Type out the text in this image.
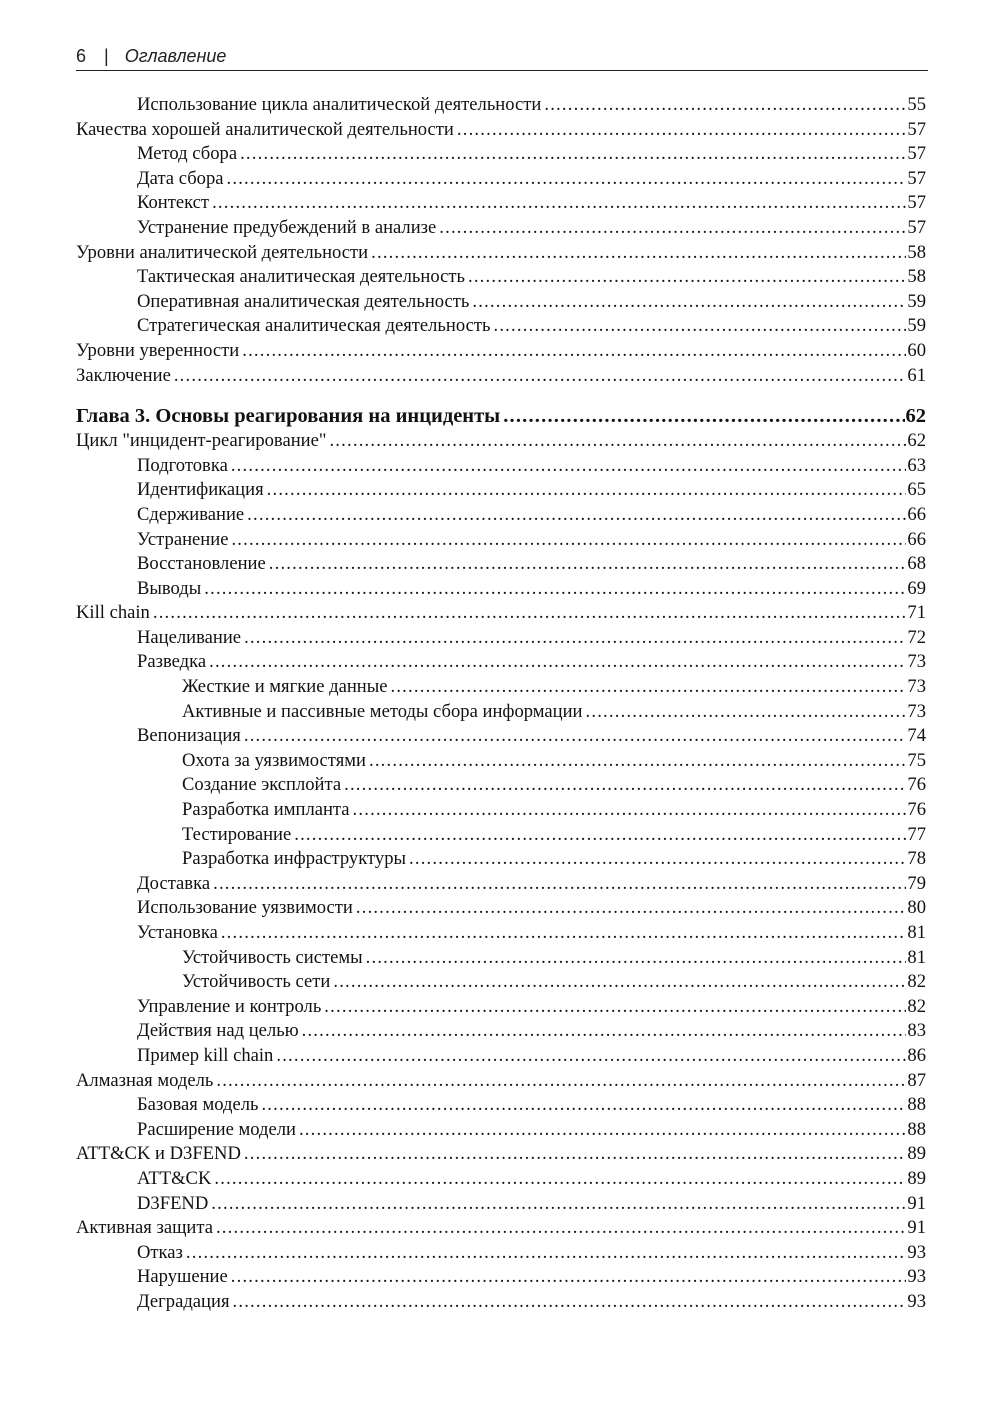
6 | Оглавление
Использование цикла аналитической деятельности .....	55
Качества хорошей аналитической деятельности .....	57
Метод сбора .....	57
Дата сбора .....	57
Контекст .....	57
Устранение предубеждений в анализе .....	57
Уровни аналитической деятельности .....	58
Тактическая аналитическая деятельность .....	58
Оперативная аналитическая деятельность .....	59
Стратегическая аналитическая деятельность .....	59
Уровни уверенности .....	60
Заключение .....	61
Глава 3. Основы реагирования на инциденты .....	62
Цикл "инцидент-реагирование" .....	62
Подготовка .....	63
Идентификация .....	65
Сдерживание .....	66
Устранение .....	66
Восстановление .....	68
Выводы .....	69
Kill chain .....	71
Нацеливание .....	72
Разведка .....	73
Жесткие и мягкие данные .....	73
Активные и пассивные методы сбора информации .....	73
Вепонизация .....	74
Охота за уязвимостями .....	75
Создание эксплойта .....	76
Разработка импланта .....	76
Тестирование .....	77
Разработка инфраструктуры .....	78
Доставка .....	79
Использование уязвимости .....	80
Установка .....	81
Устойчивость системы .....	81
Устойчивость сети .....	82
Управление и контроль .....	82
Действия над целью .....	83
Пример kill chain .....	86
Алмазная модель .....	87
Базовая модель .....	88
Расширение модели .....	88
ATT&CK и D3FEND .....	89
ATT&CK .....	89
D3FEND .....	91
Активная защита .....	91
Отказ .....	93
Нарушение .....	93
Деградация .....	93
